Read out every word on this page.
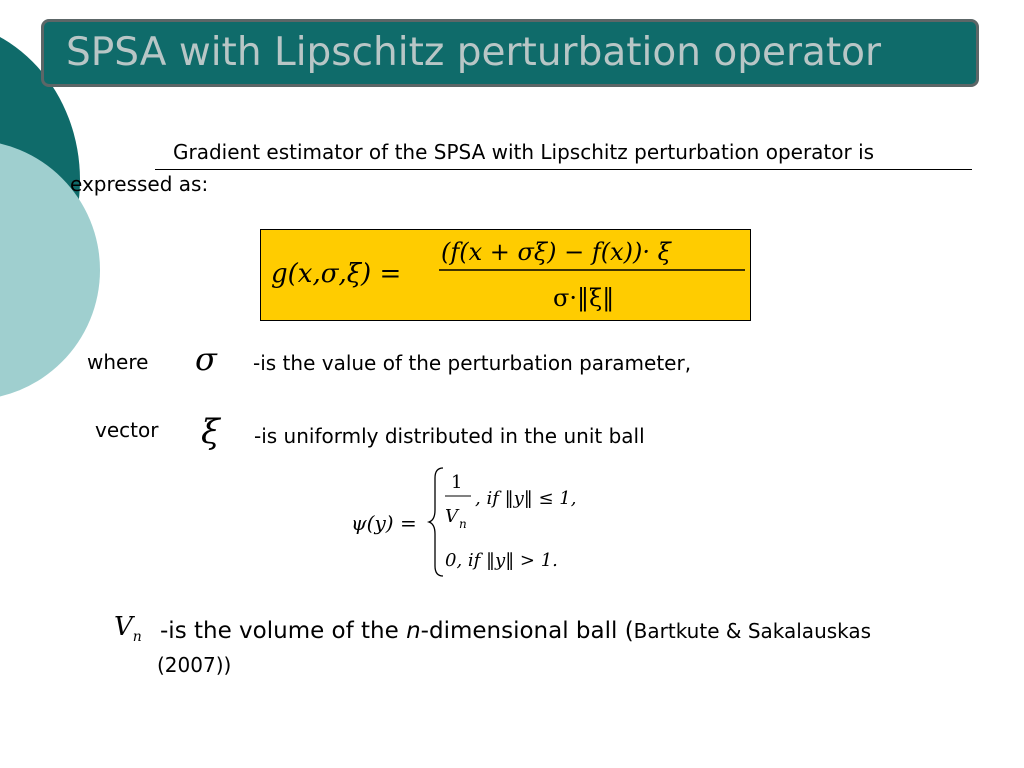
SPSA with Lipschitz perturbation operator
Gradient estimator of the SPSA with Lipschitz perturbation operator is
expressed as:
g(x,σ,ξ) =
(f(x + σξ) − f(x))· ξ
σ·‖ξ‖
where σ -is the value of the perturbation parameter,
vector ξ -is uniformly distributed in the unit ball
ψ(y) =
1
V n
, if ‖y‖ ≤ 1,
0, if ‖y‖ > 1.
$V_n$ -is the volume of the n-dimensional ball (Bartkute & Sakalauskas
(2007))
